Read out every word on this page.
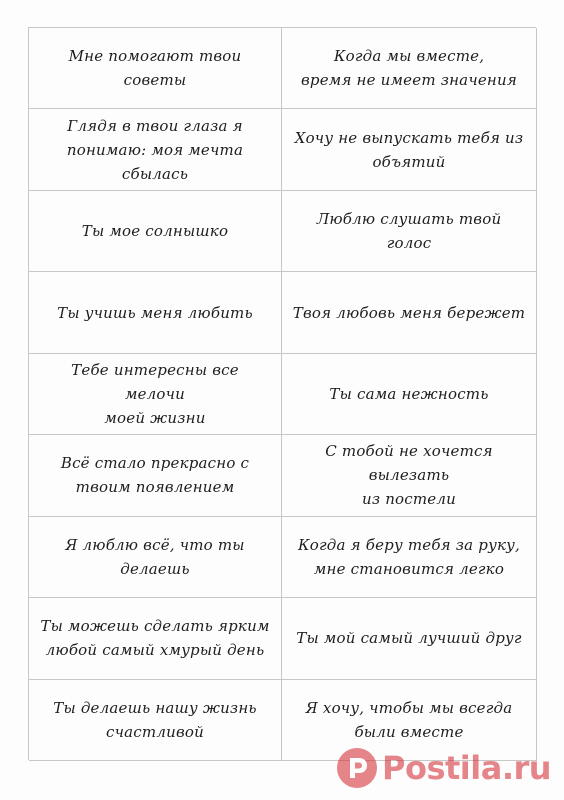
Мне помогают твои советы
Когда мы вместе,
время не имеет значения
Глядя в твои глаза я
понимаю: моя мечта
сбылась
Хочу не выпускать тебя из
объятий
Ты мое солнышко
Люблю слушать твой голос
Ты учишь меня любить	Твоя любовь меня бережет
Тебе интересны все мелочи
моей жизни
Ты сама нежность
Всё стало прекрасно с
твоим появлением
С тобой не хочется вылезать
из постели
Я люблю всё, что ты
делаешь
Когда я беру тебя за руку,
мне становится легко
Ты можешь сделать ярким
любой самый хмурый день
Ты мой самый лучший друг
Ты делаешь нашу жизнь
счастливой
Я хочу, чтобы мы всегда
были вместе
Postila.ru
